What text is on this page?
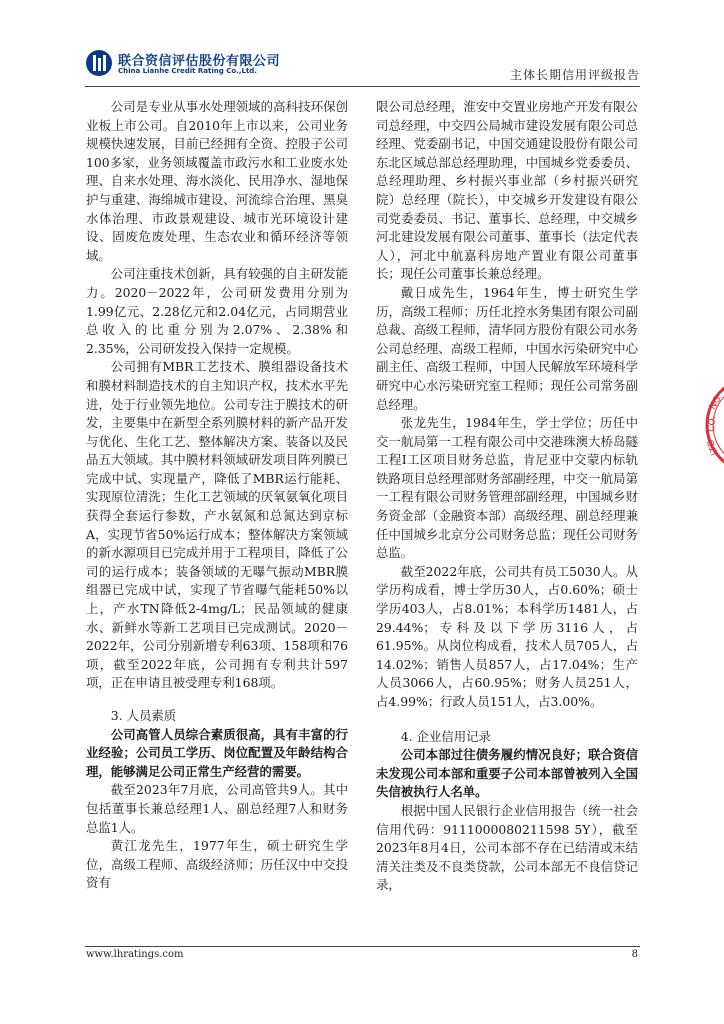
联合资信评估股份有限公司
China Lianhe Credit Rating Co.,Ltd.	主体长期信用评级报告

公司是专业从事水处理领域的高科技环保创业板上市公司。自2010年上市以来，公司业务规模快速发展，目前已经拥有全资、控股子公司100多家，业务领域覆盖市政污水和工业废水处理、自来水处理、海水淡化、民用净水、湿地保护与重建、海绵城市建设、河流综合治理、黑臭水体治理、市政景观建设、城市光环境设计建设、固废危废处理、生态农业和循环经济等领域。

公司注重技术创新，具有较强的自主研发能力。2020－2022年，公司研发费用分别为1.99亿元、2.28亿元和2.04亿元，占同期营业总收入的比重分别为2.07%、2.38%和2.35%，公司研发投入保持一定规模。

公司拥有MBR工艺技术、膜组器设备技术和膜材料制造技术的自主知识产权，技术水平先进，处于行业领先地位。公司专注于膜技术的研发，主要集中在新型全系列膜材料的新产品开发与优化、生化工艺、整体解决方案、装备以及民品五大领域。其中膜材料领域研发项目阵列膜已完成中试、实现量产，降低了MBR运行能耗、实现原位清洗；生化工艺领域的厌氧氨氧化项目获得全套运行参数，产水氨氮和总氮达到京标A，实现节省50%运行成本；整体解决方案领域的新水源项目已完成并用于工程项目，降低了公司的运行成本；装备领域的无曝气振动MBR膜组器已完成中试，实现了节省曝气能耗50%以上，产水TN降低2-4mg/L；民品领域的健康水、新鲜水等新工艺项目已完成测试。2020－2022年，公司分别新增专利63项、158项和76项，截至2022年底，公司拥有专利共计597项，正在申请且被受理专利168项。

3. 人员素质

公司高管人员综合素质很高，具有丰富的行业经验；公司员工学历、岗位配置及年龄结构合理，能够满足公司正常生产经营的需要。

截至2023年7月底，公司高管共9人。其中包括董事长兼总经理1人、副总经理7人和财务总监1人。

黄江龙先生，1977年生，硕士研究生学位，高级工程师、高级经济师；历任汉中中交投资有

限公司总经理，淮安中交置业房地产开发有限公司总经理，中交四公局城市建设发展有限公司总经理、党委副书记，中国交通建设股份有限公司东北区域总部总经理助理，中国城乡党委委员、总经理助理、乡村振兴事业部（乡村振兴研究院）总经理（院长），中交城乡开发建设有限公司党委委员、书记、董事长、总经理，中交城乡河北建设发展有限公司董事、董事长（法定代表人），河北中航嘉科房地产置业有限公司董事长；现任公司董事长兼总经理。

戴日成先生，1964年生，博士研究生学历，高级工程师；历任北控水务集团有限公司副总裁、高级工程师，清华同方股份有限公司水务公司总经理、高级工程师，中国水污染研究中心副主任、高级工程师，中国人民解放军环境科学研究中心水污染研究室工程师；现任公司常务副总经理。

张龙先生，1984年生，学士学位；历任中交一航局第一工程有限公司中交港珠澳大桥岛隧工程I工区项目财务总监，肯尼亚中交蒙内标轨铁路项目总经理部财务部副经理，中交一航局第一工程有限公司财务管理部副经理，中国城乡财务资金部（金融资本部）高级经理、副总经理兼任中国城乡北京分公司财务总监；现任公司财务总监。

截至2022年底，公司共有员工5030人。从学历构成看，博士学历30人，占0.60%；硕士学历403人，占8.01%；本科学历1481人，占29.44%；专科及以下学历3116人，占61.95%。从岗位构成看，技术人员705人，占14.02%；销售人员857人，占17.04%；生产人员3066人，占60.95%；财务人员251人，占4.99%；行政人员151人，占3.00%。

4. 企业信用记录

公司本部过往债务履约情况良好；联合资信未发现公司本部和重要子公司本部曾被列入全国失信被执行人名单。

根据中国人民银行企业信用报告（统一社会信用代码：9111000080211598 5Y），截至2023年8月4日，公司本部不存在已结清或未结清关注类及不良类贷款，公司本部无不良信贷记录，

NG
CO.
LTD
www.lhratings.com	8
